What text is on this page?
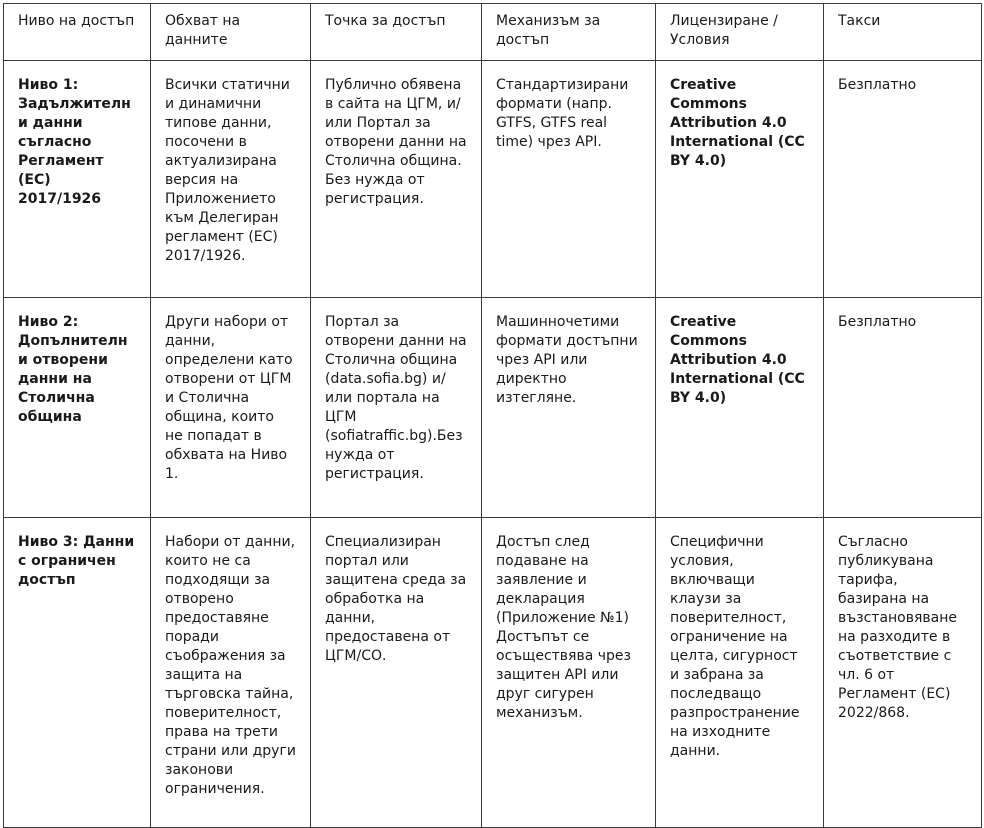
Ниво на достъп	Обхват на данните	Точка за достъп	Механизъм за достъп	Лицензиране / Условия	Такси
Ниво 1: Задължителни данни съгласно Регламент (ЕС) 2017/1926	Всички статични и динамични типове данни, посочени в актуализирана версия на Приложението към Делегиран регламент (ЕС) 2017/1926.	Публично обявена в сайта на ЦГМ, и/или Портал за отворени данни на Столична община. Без нужда от регистрация.	Стандартизирани формати (напр. GTFS, GTFS real time) чрез API.	Creative Commons Attribution 4.0 International (CC BY 4.0)	Безплатно
Ниво 2: Допълнителни отворени данни на Столична община	Други набори от данни, определени като отворени от ЦГМ и Столична община, които не попадат в обхвата на Ниво 1.	Портал за отворени данни на Столична община (data.sofia.bg) и/или портала на ЦГМ (sofiatraffic.bg).Без нужда от регистрация.	Машинночетими формати достъпни чрез API или директно изтегляне.	Creative Commons Attribution 4.0 International (CC BY 4.0)	Безплатно
Ниво 3: Данни с ограничен достъп	Набори от данни, които не са подходящи за отворено предоставяне поради съображения за защита на търговска тайна, поверителност, права на трети страни или други законови ограничения.	Специализиран портал или защитена среда за обработка на данни, предоставена от ЦГМ/СО.	Достъп след подаване на заявление и декларация (Приложение №1) Достъпът се осъществява чрез защитен API или друг сигурен механизъм.	Специфични условия, включващи клаузи за поверителност, ограничение на целта, сигурност и забрана за последващо разпространение на изходните данни.	Съгласно публикувана тарифа, базирана на възстановяване на разходите в съответствие с чл. 6 от Регламент (ЕС) 2022/868.
